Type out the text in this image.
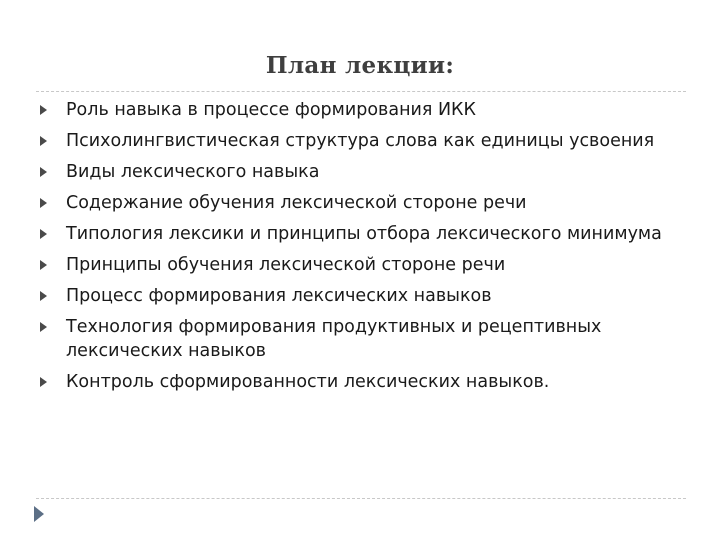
План лекции:
Роль навыка в процессе формирования ИКК
Психолингвистическая структура слова как единицы усвоения
Виды лексического навыка
Содержание обучения лексической стороне речи
Типология лексики и принципы отбора лексического минимума
Принципы обучения лексической стороне речи
Процесс формирования лексических навыков
Технология формирования продуктивных и рецептивных лексических навыков
Контроль сформированности лексических навыков.
